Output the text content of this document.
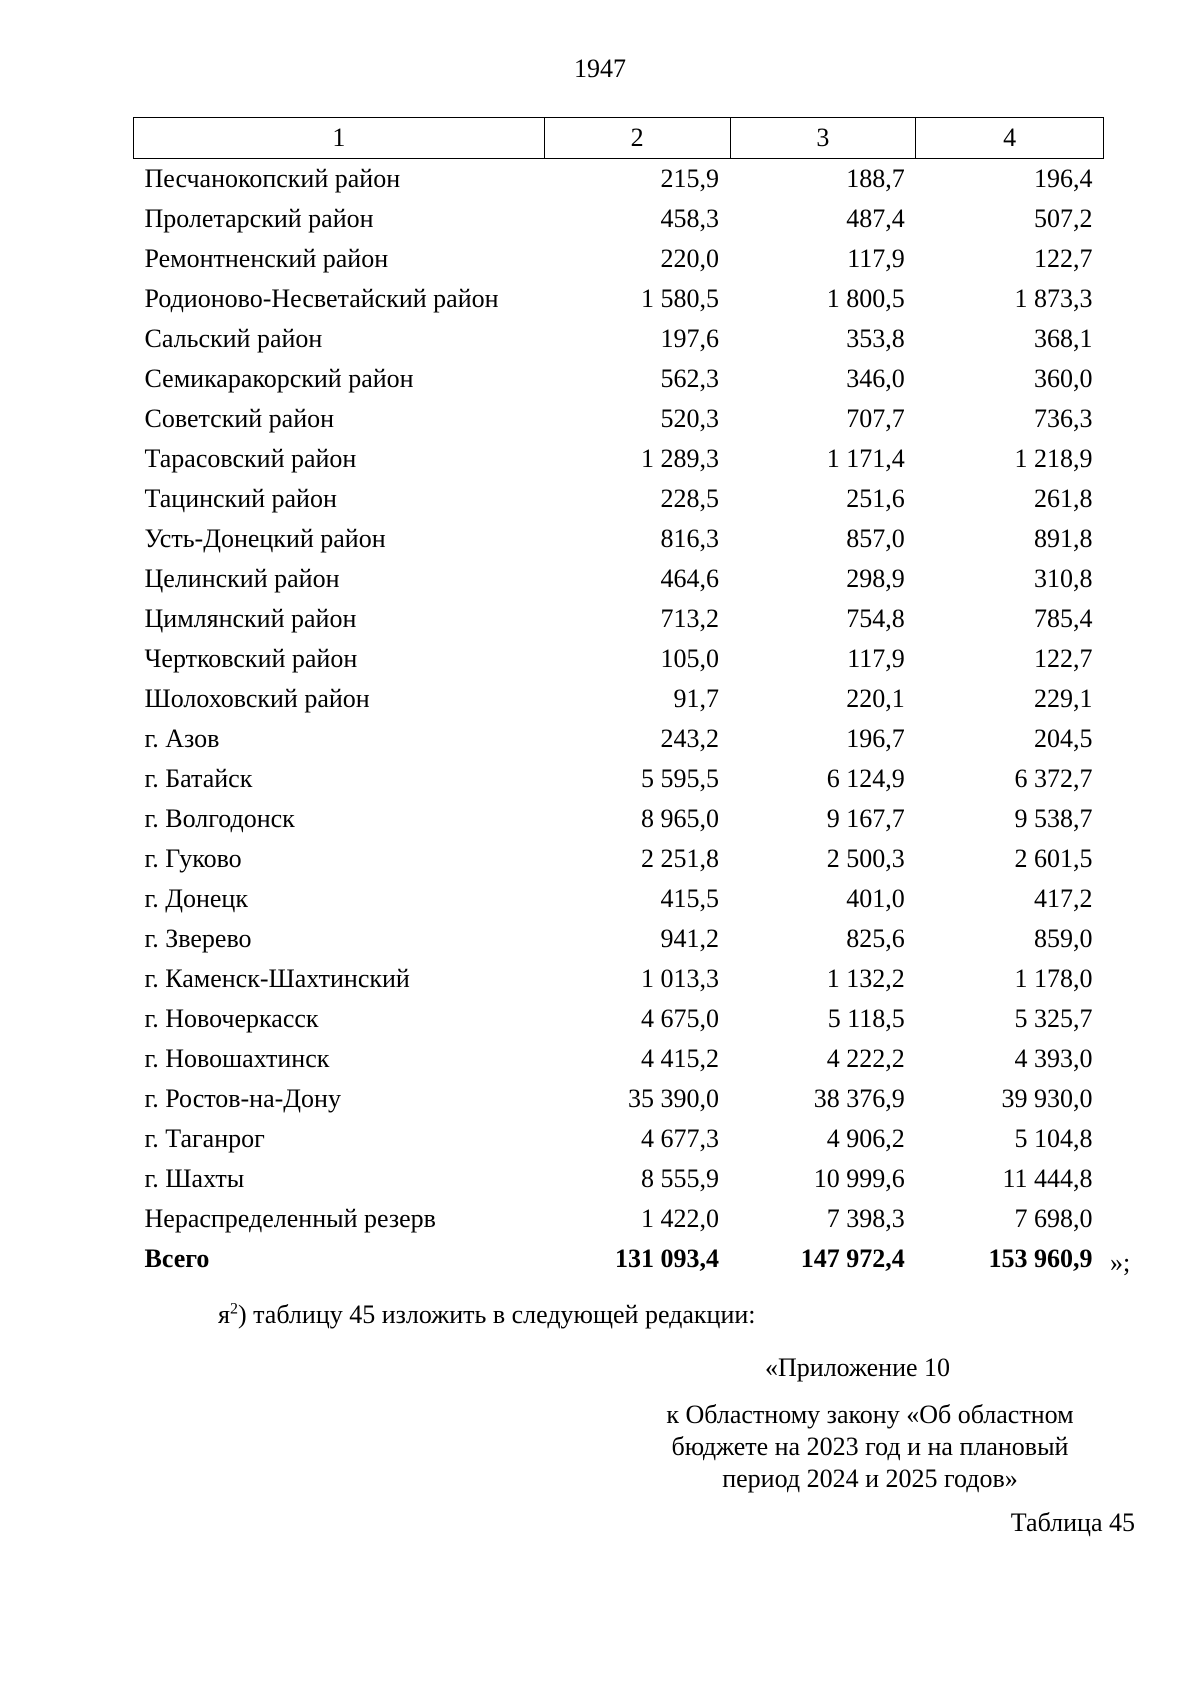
1947
1	2	3	4
Песчанокопский район	215,9	188,7	196,4
Пролетарский район	458,3	487,4	507,2
Ремонтненский район	220,0	117,9	122,7
Родионово-Несветайский район	1 580,5	1 800,5	1 873,3
Сальский район	197,6	353,8	368,1
Семикаракорский район	562,3	346,0	360,0
Советский район	520,3	707,7	736,3
Тарасовский район	1 289,3	1 171,4	1 218,9
Тацинский район	228,5	251,6	261,8
Усть-Донецкий район	816,3	857,0	891,8
Целинский район	464,6	298,9	310,8
Цимлянский район	713,2	754,8	785,4
Чертковский район	105,0	117,9	122,7
Шолоховский район	91,7	220,1	229,1
г. Азов	243,2	196,7	204,5
г. Батайск	5 595,5	6 124,9	6 372,7
г. Волгодонск	8 965,0	9 167,7	9 538,7
г. Гуково	2 251,8	2 500,3	2 601,5
г. Донецк	415,5	401,0	417,2
г. Зверево	941,2	825,6	859,0
г. Каменск-Шахтинский	1 013,3	1 132,2	1 178,0
г. Новочеркасск	4 675,0	5 118,5	5 325,7
г. Новошахтинск	4 415,2	4 222,2	4 393,0
г. Ростов-на-Дону	35 390,0	38 376,9	39 930,0
г. Таганрог	4 677,3	4 906,2	5 104,8
г. Шахты	8 555,9	10 999,6	11 444,8
Нераспределенный резерв	1 422,0	7 398,3	7 698,0
Всего	131 093,4	147 972,4	153 960,9 »;
$я^2$) таблицу 45 изложить в следующей редакции:
«Приложение 10
к Областному закону «Об областном
бюджете на 2023 год и на плановый
период 2024 и 2025 годов»
Таблица 45
